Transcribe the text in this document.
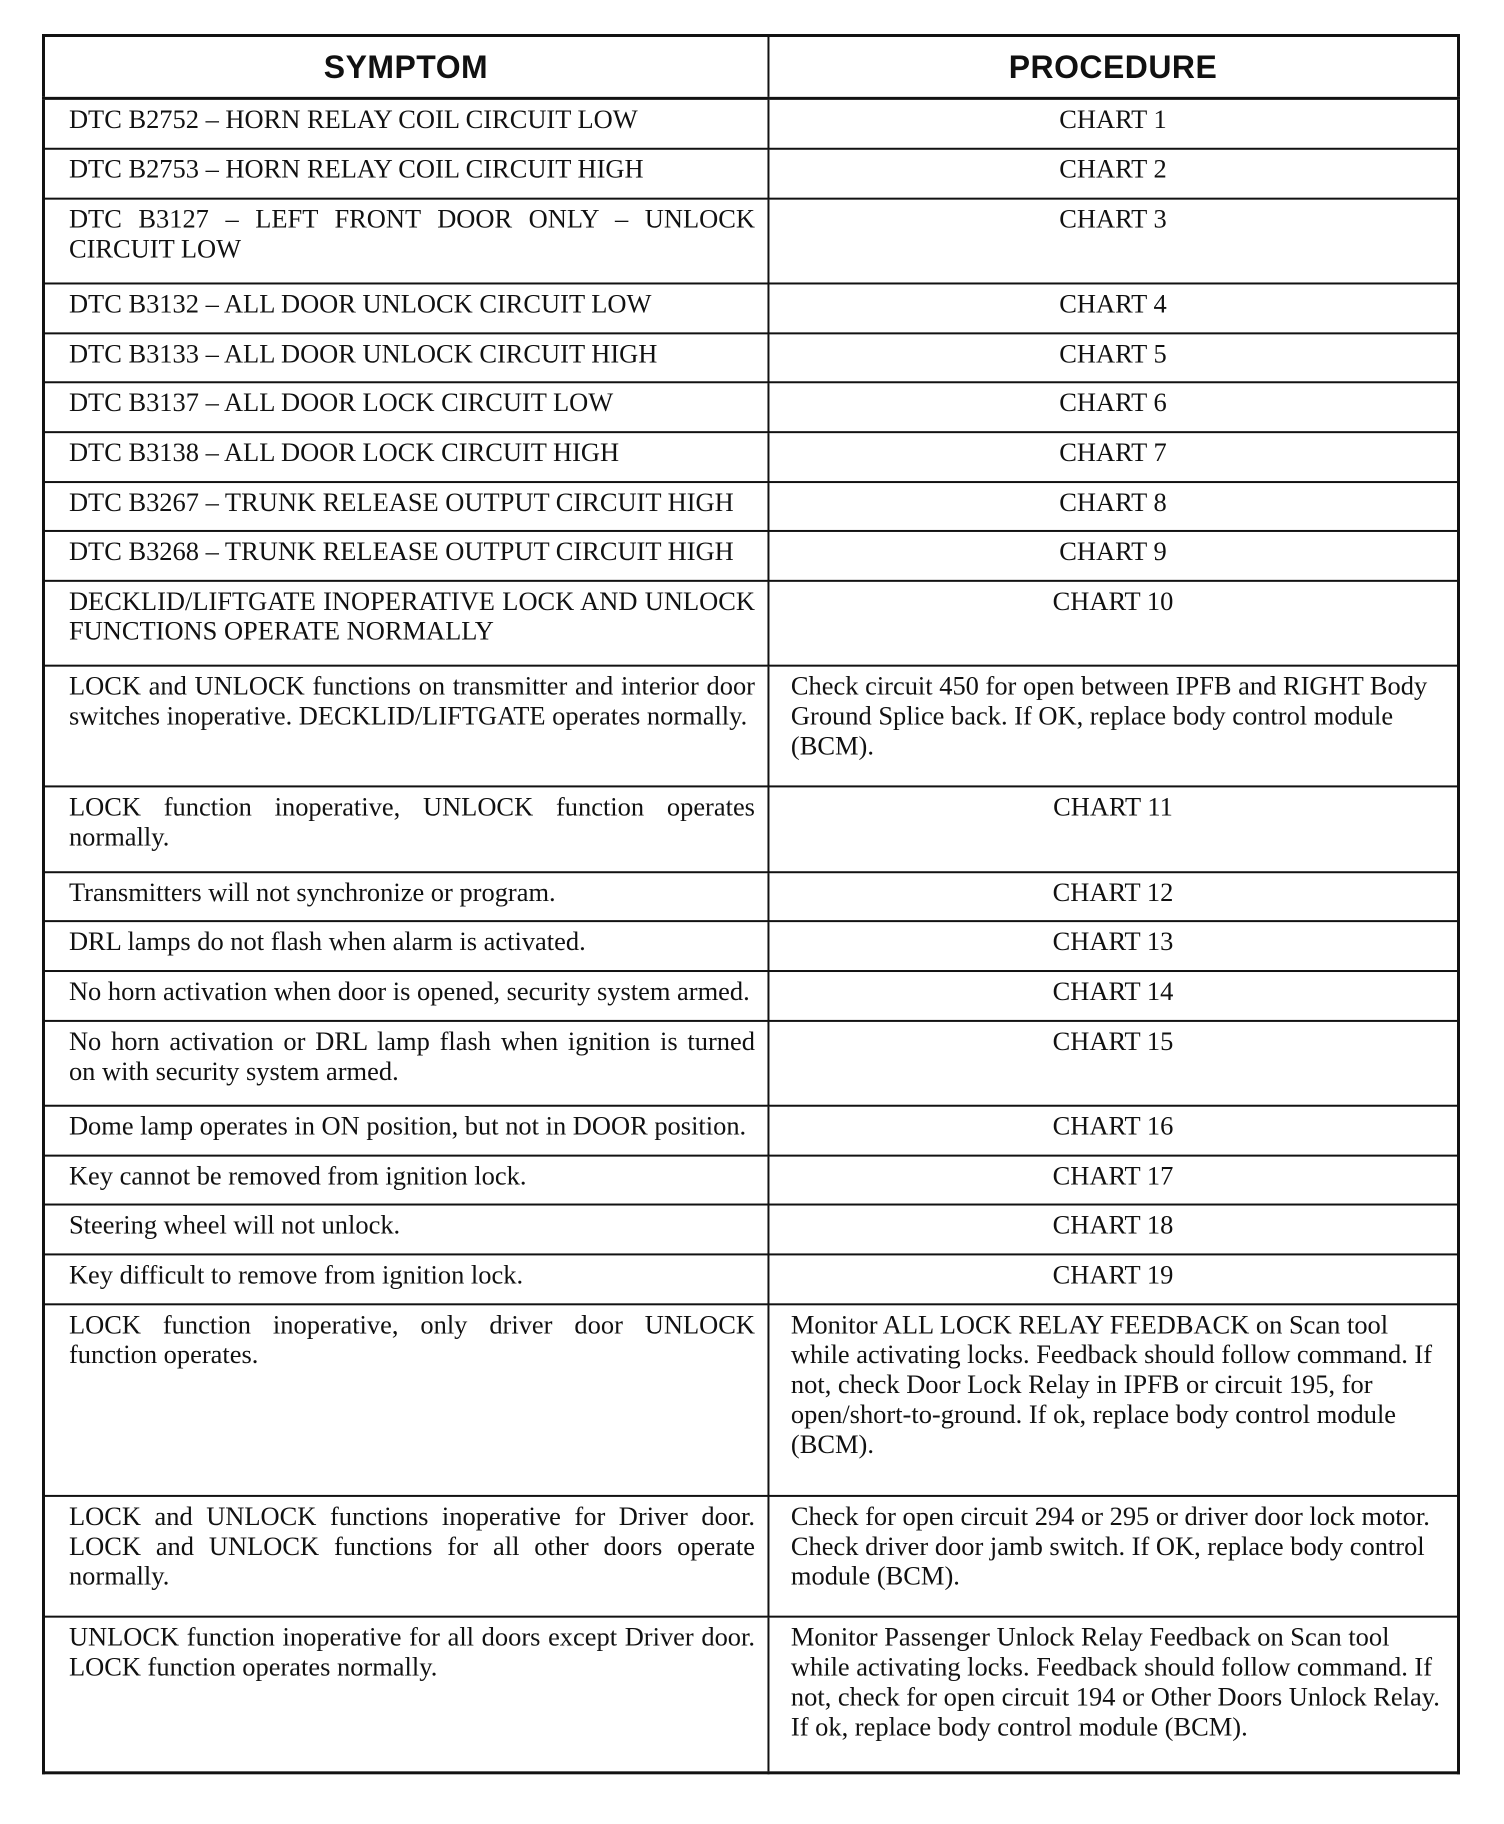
SYMPTOM	PROCEDURE
DTC B2752 – HORN RELAY COIL CIRCUIT LOW	CHART 1
DTC B2753 – HORN RELAY COIL CIRCUIT HIGH	CHART 2
DTC B3127 – LEFT FRONT DOOR ONLY – UNLOCK CIRCUIT LOW	CHART 3
DTC B3132 – ALL DOOR UNLOCK CIRCUIT LOW	CHART 4
DTC B3133 – ALL DOOR UNLOCK CIRCUIT HIGH	CHART 5
DTC B3137 – ALL DOOR LOCK CIRCUIT LOW	CHART 6
DTC B3138 – ALL DOOR LOCK CIRCUIT HIGH	CHART 7
DTC B3267 – TRUNK RELEASE OUTPUT CIRCUIT HIGH	CHART 8
DTC B3268 – TRUNK RELEASE OUTPUT CIRCUIT HIGH	CHART 9
DECKLID/LIFTGATE INOPERATIVE LOCK AND UNLOCK FUNCTIONS OPERATE NORMALLY	CHART 10
LOCK and UNLOCK functions on transmitter and interior door switches inoperative. DECKLID/LIFTGATE operates normally.	Check circuit 450 for open between IPFB and RIGHT Body Ground Splice back. If OK, replace body control module (BCM).
LOCK function inoperative, UNLOCK function operates normally.	CHART 11
Transmitters will not synchronize or program.	CHART 12
DRL lamps do not flash when alarm is activated.	CHART 13
No horn activation when door is opened, security system armed.	CHART 14
No horn activation or DRL lamp flash when ignition is turned on with security system armed.	CHART 15
Dome lamp operates in ON position, but not in DOOR position.	CHART 16
Key cannot be removed from ignition lock.	CHART 17
Steering wheel will not unlock.	CHART 18
Key difficult to remove from ignition lock.	CHART 19
LOCK function inoperative, only driver door UNLOCK function operates.	Monitor ALL LOCK RELAY FEEDBACK on Scan tool while activating locks. Feedback should follow command. If not, check Door Lock Relay in IPFB or circuit 195, for open/short-to-ground. If ok, replace body control module (BCM).
LOCK and UNLOCK functions inoperative for Driver door. LOCK and UNLOCK functions for all other doors operate normally.	Check for open circuit 294 or 295 or driver door lock motor. Check driver door jamb switch. If OK, replace body control module (BCM).
UNLOCK function inoperative for all doors except Driver door. LOCK function operates normally.	Monitor Passenger Unlock Relay Feedback on Scan tool while activating locks. Feedback should follow command. If not, check for open circuit 194 or Other Doors Unlock Relay. If ok, replace body control module (BCM).
